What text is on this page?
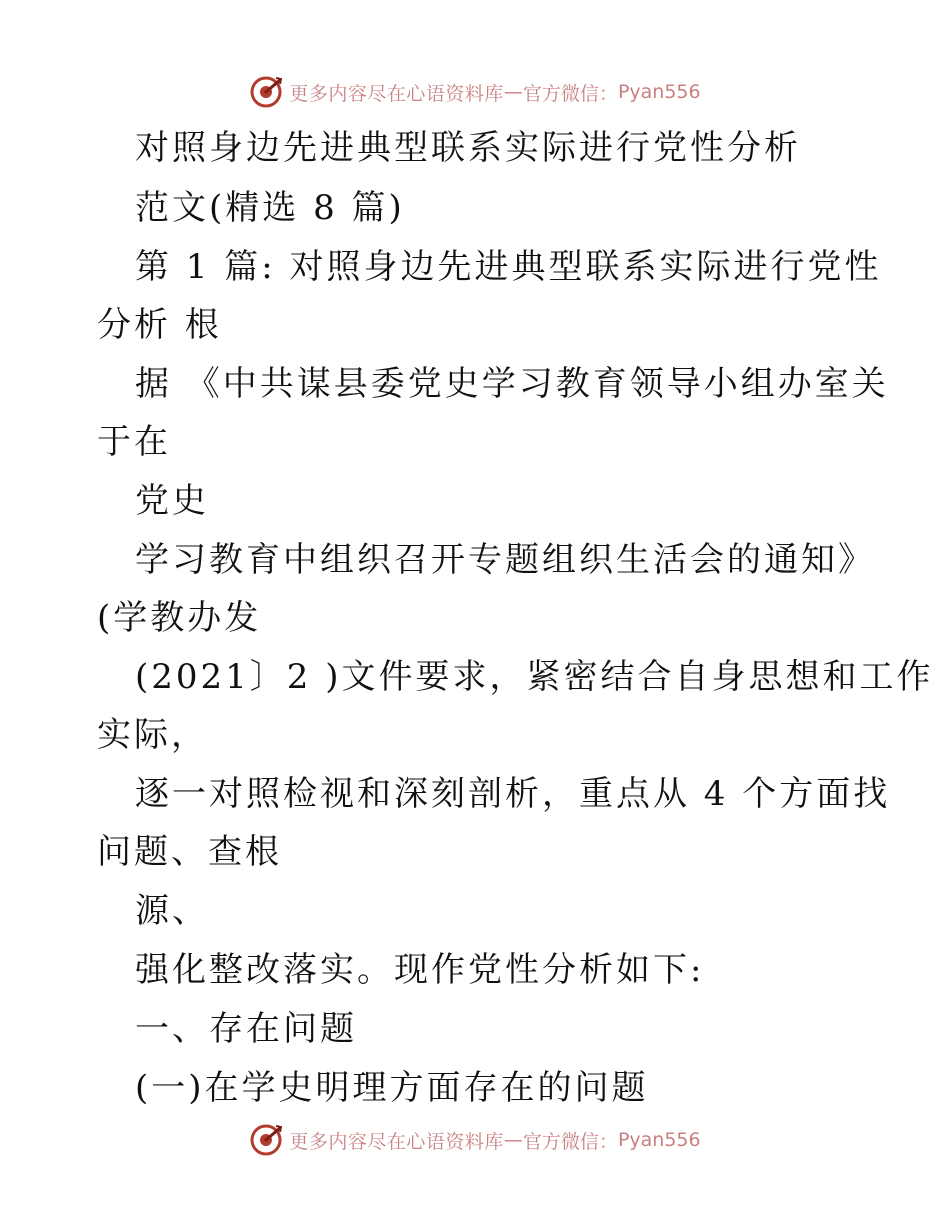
更多内容尽在心语资料库 — 官方微信： Pyan556
对照身边先进典型联系实际进行党性分析
范文(精选 8 篇)
第 1 篇: 对照身边先进典型联系实际进行党性
分析 根
据 《中共谋县委党史学习教育领导小组办室关
于在
党史
学习教育中组织召开专题组织生活会的通知》
(学教办发
(2021〕2 )文件要求，紧密结合自身思想和工作
实际，
逐一对照检视和深刻剖析，重点从 4 个方面找
问题、查根
源、
强化整改落实。现作党性分析如下:
一、存在问题
(一)在学史明理方面存在的问题
更多内容尽在心语资料库 — 官方微信： Pyan556
